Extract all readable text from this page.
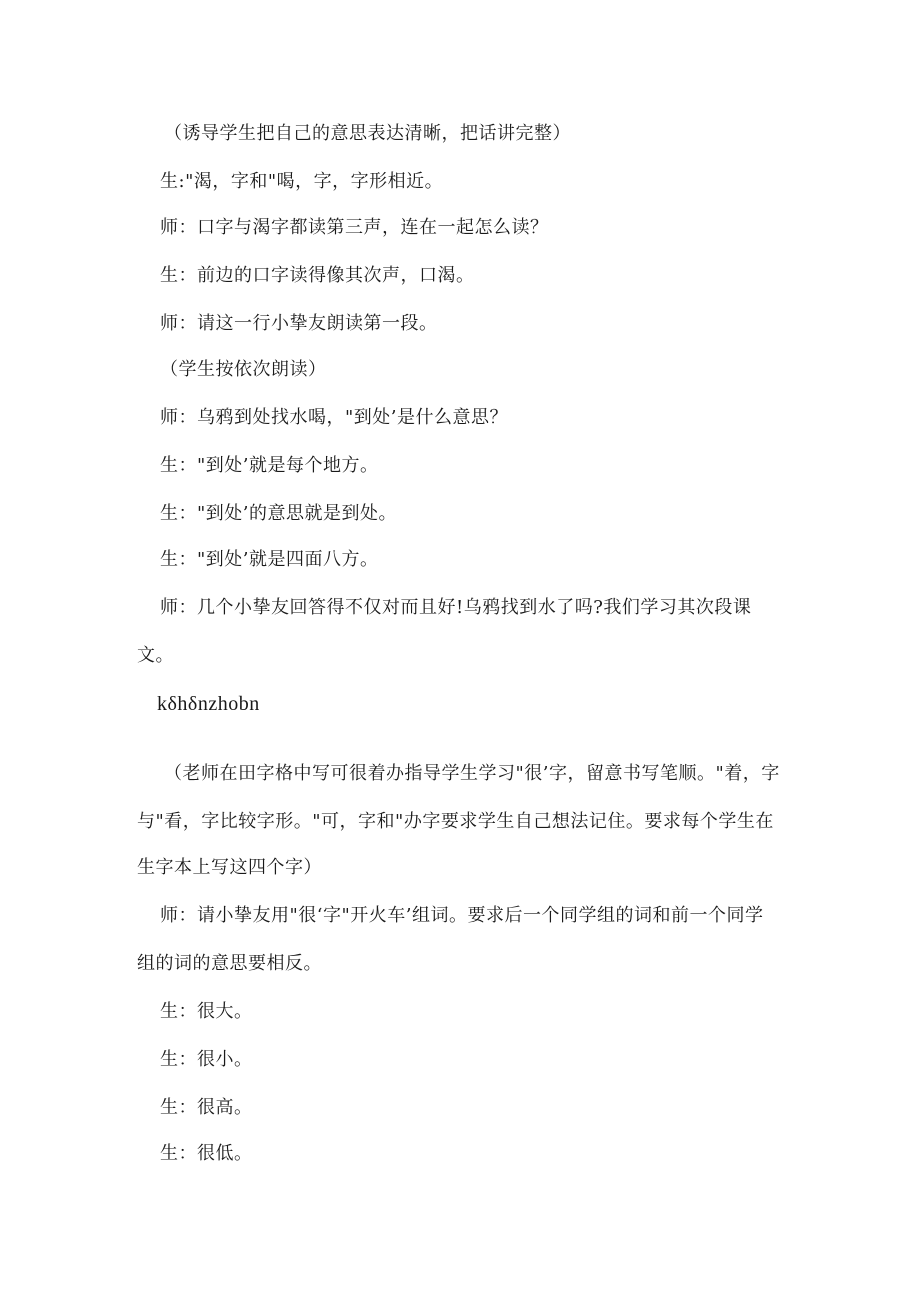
（诱导学生把自己的意思表达清晰，把话讲完整）
生:"渴，字和"喝，字，字形相近。
师：口字与渴字都读第三声，连在一起怎么读？
生：前边的口字读得像其次声，口渴。
师：请这一行小挚友朗读第一段。
（学生按依次朗读）
师：乌鸦到处找水喝，"到处’是什么意思？
生："到处’就是每个地方。
生："到处’的意思就是到处。
生："到处’就是四面八方。
师：几个小挚友回答得不仅对而且好!乌鸦找到水了吗?我们学习其次段课
文。
kδhδnzhobn
（老师在田字格中写可很着办指导学生学习"很’字，留意书写笔顺。"着，字
与"看，字比较字形。"可，字和"办字要求学生自己想法记住。要求每个学生在
生字本上写这四个字）
师：请小挚友用"很‘字"开火车’组词。要求后一个同学组的词和前一个同学
组的词的意思要相反。
生：很大。
生：很小。
生：很高。
生：很低。
